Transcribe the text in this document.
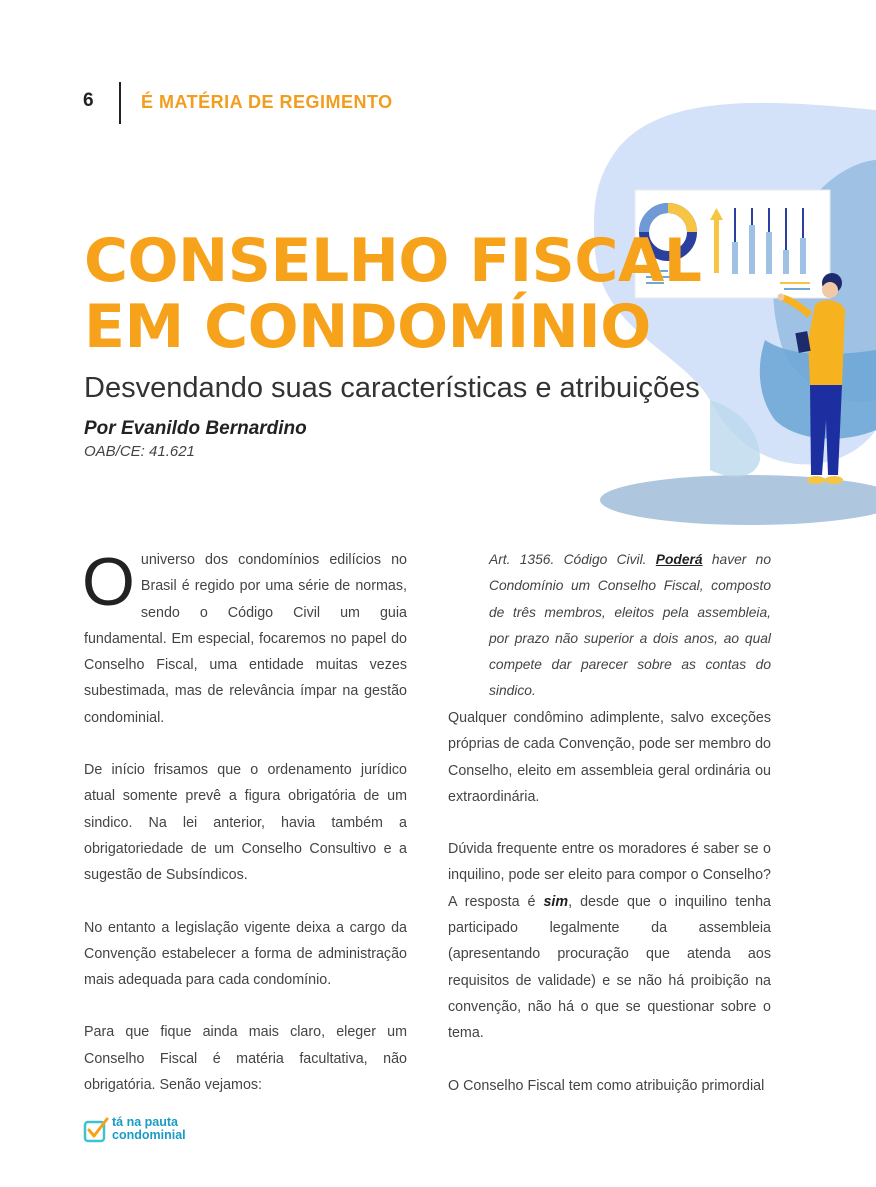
6	É MATÉRIA DE REGIMENTO
CONSELHO FISCAL
EM CONDOMÍNIO
Desvendando suas características e atribuições
Por Evanildo Bernardino
OAB/CE: 41.621

Ouniverso dos condomínios edilícios no Brasil é regido por uma série de normas, sendo o Código Civil um guia fundamental. Em especial, focaremos no papel do Conselho Fiscal, uma entidade muitas vezes subestimada, mas de relevância ímpar na gestão condominial.

De início frisamos que o ordenamento jurídico atual somente prevê a figura obrigatória de um sindico. Na lei anterior, havia também a obrigatoriedade de um Conselho Consultivo e a sugestão de Subsíndicos.

No entanto a legislação vigente deixa a cargo da Convenção estabelecer a forma de administração mais adequada para cada condomínio.

Para que fique ainda mais claro, eleger um Conselho Fiscal é matéria facultativa, não obrigatória. Senão vejamos:

Art. 1356. Código Civil. Poderá haver no Condomínio um Conselho Fiscal, composto de três membros, eleitos pela assembleia, por prazo não superior a dois anos, ao qual compete dar parecer sobre as contas do sindico.

Qualquer condômino adimplente, salvo exceções próprias de cada Convenção, pode ser membro do Conselho, eleito em assembleia geral ordinária ou extraordinária.

Dúvida frequente entre os moradores é saber se o inquilino, pode ser eleito para compor o Conselho? A resposta é sim, desde que o inquilino tenha participado legalmente da assembleia (apresentando procuração que atenda aos requisitos de validade) e se não há proibição na convenção, não há o que se questionar sobre o tema.

O Conselho Fiscal tem como atribuição primordial

tá na pauta
condominial
